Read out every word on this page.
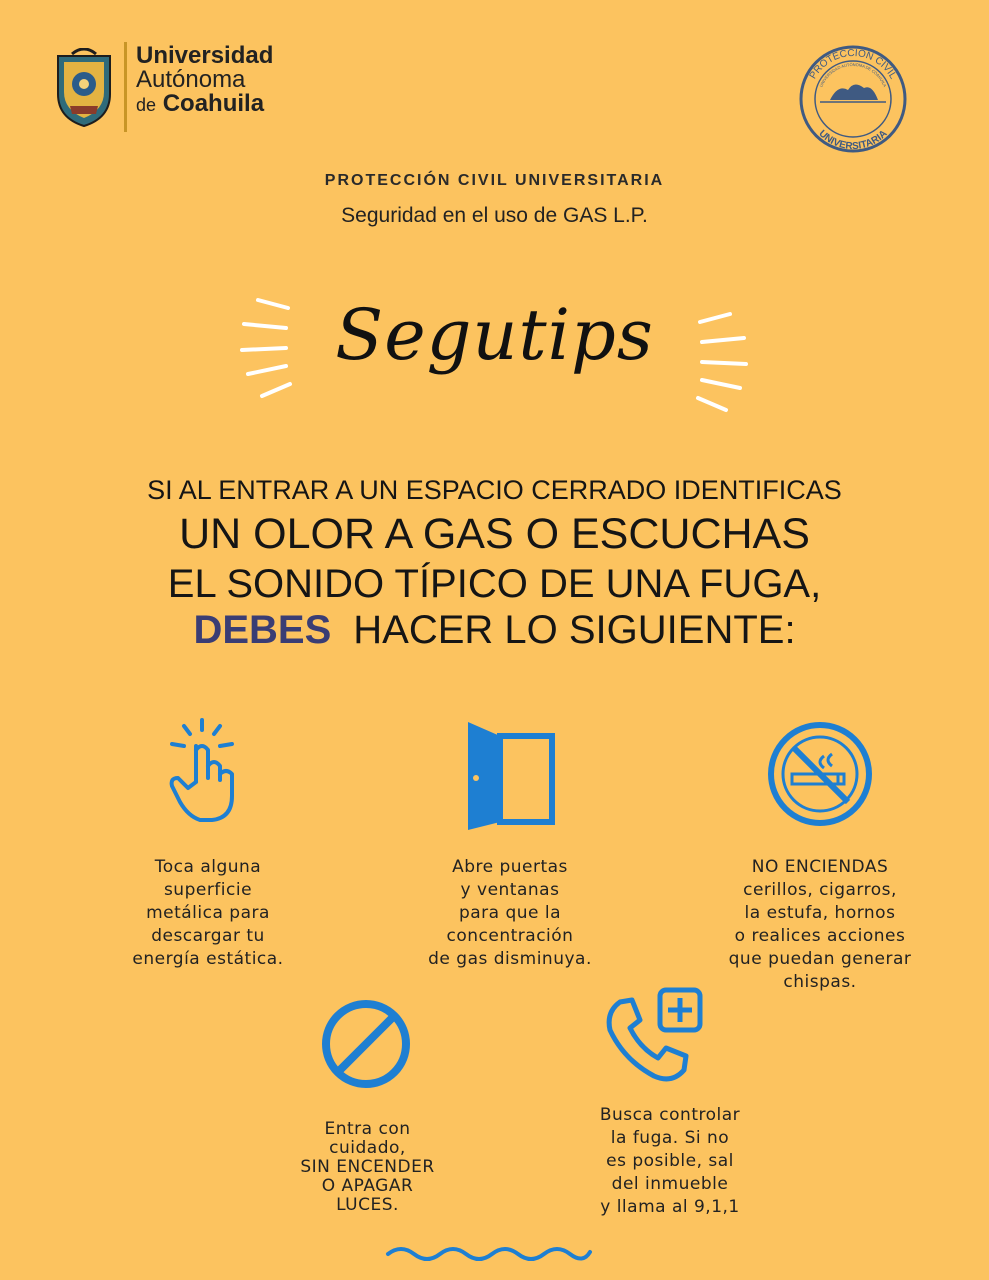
Universidad
Autónoma
de Coahuila
PROTECCIÓN CIVIL
UNIVERSIDAD AUTÓNOMA DE COAHUILA
UNIVERSITARIA
PROTECCIÓN CIVIL UNIVERSITARIA
Seguridad en el uso de GAS L.P.
Segutips
SI AL ENTRAR A UN ESPACIO CERRADO IDENTIFICAS
UN OLOR A GAS O ESCUCHAS
EL SONIDO TÍPICO DE UNA FUGA,
DEBES HACER LO SIGUIENTE:
Toca alguna
superficie
metálica para
descargar tu
energía estática.
Abre puertas
y ventanas
para que la
concentración
de gas disminuya.
NO ENCIENDAS
cerillos, cigarros,
la estufa, hornos
o realices acciones
que puedan generar
chispas.
Entra con
cuidado,
SIN ENCENDER
O APAGAR
LUCES.
Busca controlar
la fuga. Si no
es posible, sal
del inmueble
y llama al 9,1,1
